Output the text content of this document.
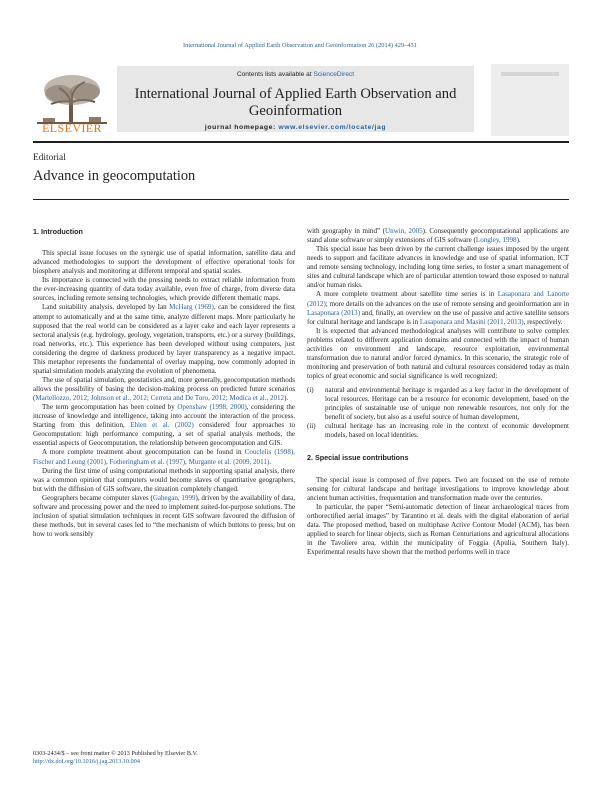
International Journal of Applied Earth Observation and Geoinformation 26 (2014) 429–431
ELSEVIER
Contents lists available at ScienceDirect
International Journal of Applied Earth Observation and Geoinformation
journal homepage: www.elsevier.com/locate/jag
Editorial
Advance in geocomputation
1. Introduction

This special issue focuses on the synergic use of spatial information, satellite data and advanced methodologies to support the development of effective operational tools for biosphere analysis and monitoring at different temporal and spatial scales.

Its importance is connected with the pressing needs to extract reliable information from the ever-increasing quantity of data today available, even free of charge, from diverse data sources, including remote sensing technologies, which provide different thematic maps.

Land suitability analysis, developed by Ian McHarg (1969), can be considered the first attempt to automatically and at the same time, analyze different maps. More particularly he supposed that the real world can be considered as a layer cake and each layer represents a sectoral analysis (e.g. hydrology, geology, vegetation, transports, etc.) or a survey (buildings, road networks, etc.). This experience has been developed without using computers, just considering the degree of darkness produced by layer transparency as a negative impact. This metaphor represents the fundamental of overlay mapping, now commonly adopted in spatial simulation models analyzing the evolution of phenomena.

The use of spatial simulation, geostatistics and, more generally, geocomputation methods allows the possibility of basing the decision-making process on predicted future scenarios (Martellozzo, 2012; Johnson et al., 2012; Cerreta and De Toro, 2012; Modica et al., 2012).

The term geocomputation has been coined by Openshaw (1998, 2000), considering the increase of knowledge and intelligence, taking into account the interaction of the process. Starting from this definition, Ehlen et al. (2002) considered four approaches to Geocomputation: high performance computing, a set of spatial analysis methods, the essential aspects of Geocomputation, the relationship between geocomputation and GIS.

A more complete treatment about geocomputation can be found in Couclelis (1998), Fischer and Leung (2001), Fotheringham et al. (1997), Murgante et al. (2009, 2011).

During the first time of using computational methods in supporting spatial analysis, there was a common opinion that computers would become slaves of quantitative geographers, but with the diffusion of GIS software, the situation completely changed.

Geographers became computer slaves (Gahegan, 1999), driven by the availability of data, software and processing power and the need to implement suited-for-purpose solutions. The inclusion of spatial simulation techniques in recent GIS software favoured the diffusion of these methods, but in several cases led to “the mechanism of which buttons to press, but on how to work sensibly

with geography in mind” (Unwin, 2005). Consequently geocomputational applications are stand alone software or simply extensions of GIS software (Longley, 1998).

This special issue has been driven by the current challenge issues imposed by the urgent needs to support and facilitate advances in knowledge and use of spatial information, ICT and remote sensing technology, including long time series, to foster a smart management of sites and cultural landscape which are of particular attention toward those exposed to natural and/or human risks.

A more complete treatment about satellite time series is in Lasaponara and Lanorte (2012); more details on the advances on the use of remote sensing and geoinformation are in Lasaponara (2013) and, finally, an overview on the use of passive and active satellite sensors for cultural heritage and landscape is in Lasaponara and Masini (2011, 2013), respectively.

It is expected that advanced methodological analyses will contribute to solve complex problems related to different application domains and connected with the impact of human activities on environment and landscape, resource exploitation, environmental transformation due to natural and/or forced dynamics. In this scenario, the strategic role of monitoring and preservation of both natural and cultural resources considered today as main topics of great economic and social significance is well recognized:

(i) natural and environmental heritage is regarded as a key factor in the development of local resources. Heritage can be a resource for economic development, based on the principles of sustainable use of unique non renewable resources, not only for the benefit of society, but also as a useful source of human development,
(ii) cultural heritage has an increasing role in the context of economic development models, based on local identities.
2. Special issue contributions

The special issue is composed of five papers. Two are focused on the use of remote sensing for cultural landscape and heritage investigations to improve knowledge about ancient human activities, frequentation and transformation made over the centuries.

In particular, the paper “Semi-automatic detection of linear archaeological traces from orthorectified aerial images” by Tarantino et al. deals with the digital elaboration of aerial data. The proposed method, based on multiphase Active Contour Model (ACM), has been applied to search for linear objects, such as Roman Centuriations and agricultural allocations in the Tavoliere area, within the municipality of Foggia (Apulia, Southern Italy). Experimental results have shown that the method performs well in trace

0303-2434/$ – see front matter © 2013 Published by Elsevier B.V.
http://dx.doi.org/10.1016/j.jag.2013.10.004
